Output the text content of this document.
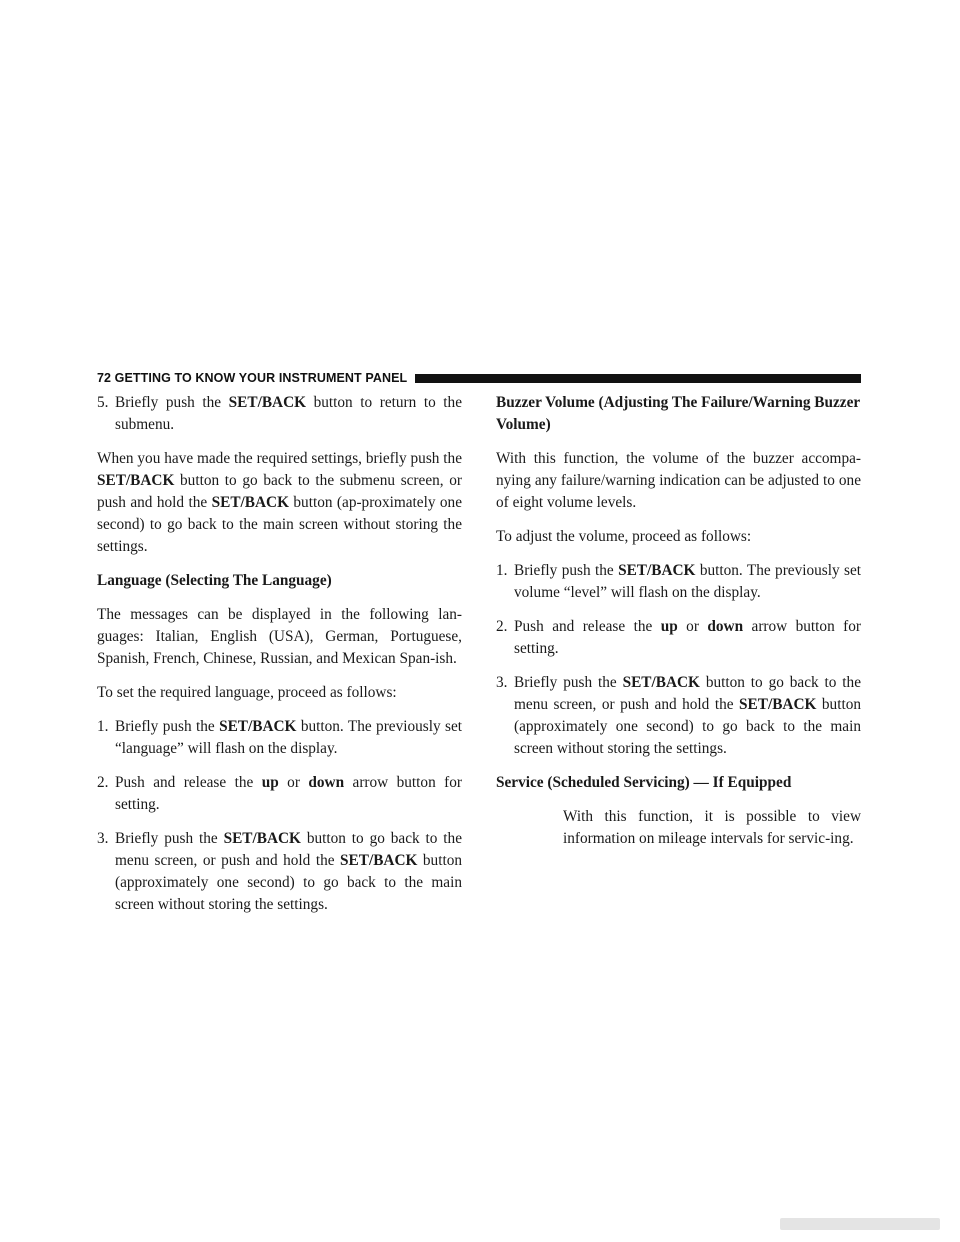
72 GETTING TO KNOW YOUR INSTRUMENT PANEL
5. Briefly push the SET/BACK button to return to the submenu.

When you have made the required settings, briefly push the SET/BACK button to go back to the submenu screen, or push and hold the SET/BACK button (ap-proximately one second) to go back to the main screen without storing the settings.

Language (Selecting The Language)

The messages can be displayed in the following lan-guages: Italian, English (USA), German, Portuguese, Spanish, French, Chinese, Russian, and Mexican Span-ish.

To set the required language, proceed as follows:

1. Briefly push the SET/BACK button. The previously set “language” will flash on the display.
2. Push and release the up or down arrow button for setting.
3. Briefly push the SET/BACK button to go back to the menu screen, or push and hold the SET/BACK button (approximately one second) to go back to the main screen without storing the settings.
Buzzer Volume (Adjusting The Failure/Warning Buzzer Volume)

With this function, the volume of the buzzer accompa-nying any failure/warning indication can be adjusted to one of eight volume levels.

To adjust the volume, proceed as follows:

1. Briefly push the SET/BACK button. The previously set volume “level” will flash on the display.
2. Push and release the up or down arrow button for setting.
3. Briefly push the SET/BACK button to go back to the menu screen, or push and hold the SET/BACK button (approximately one second) to go back to the main screen without storing the settings.
Service (Scheduled Servicing) — If Equipped

With this function, it is possible to view information on mileage intervals for servic-ing.
